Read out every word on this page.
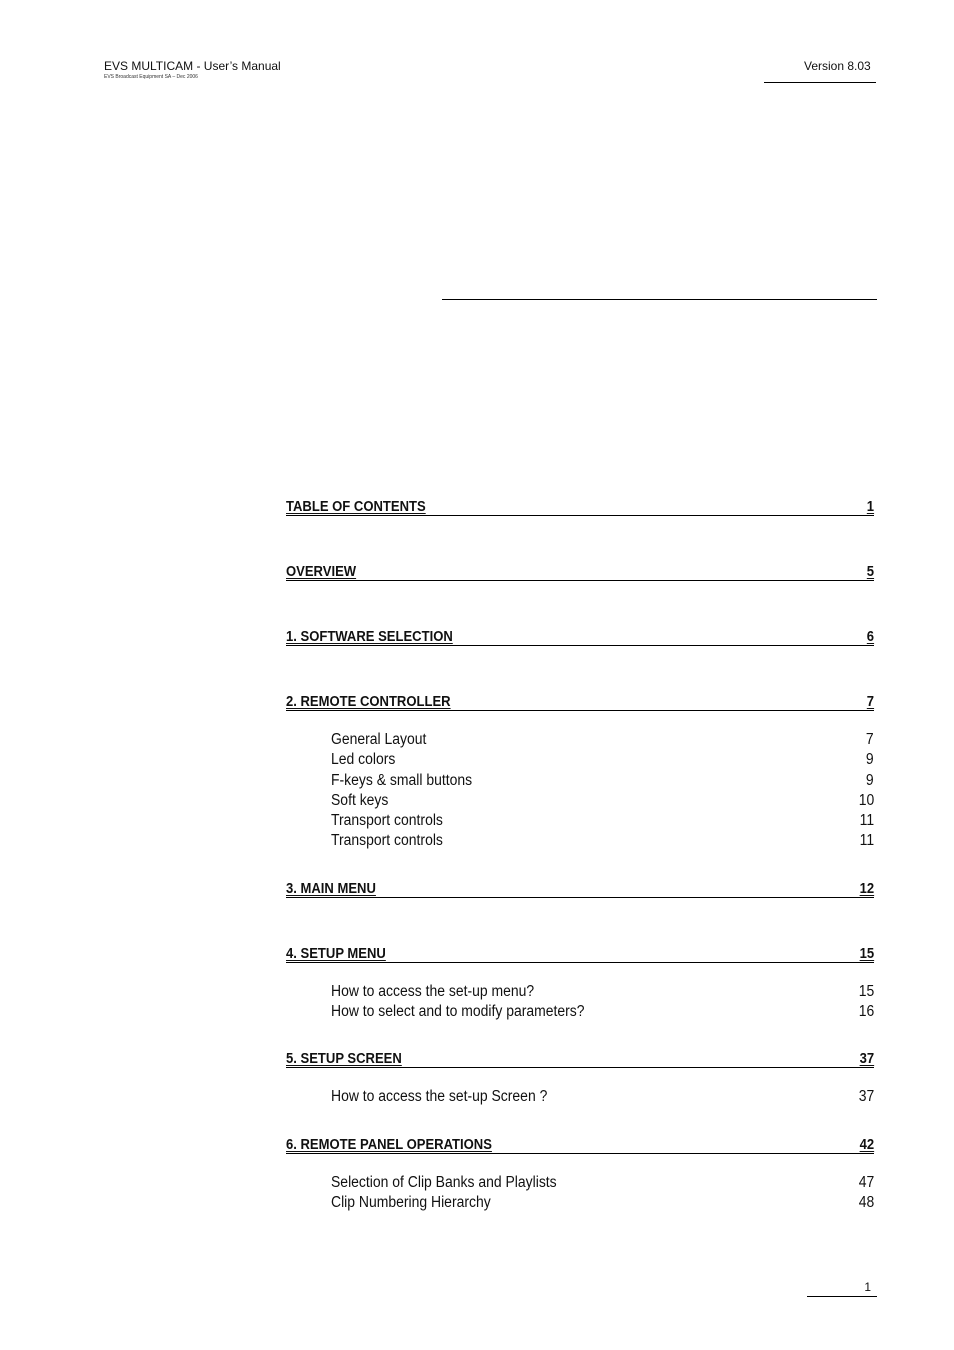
EVS MULTICAM - User’s Manual
EVS Broadcast Equipment SA – Dec 2006
Version 8.03
TABLE OF CONTENTS	1
OVERVIEW	5
1. SOFTWARE SELECTION	6
2. REMOTE CONTROLLER	7
General Layout	7
Led colors	9
F-keys & small buttons	9
Soft keys	10
Transport controls	11
Transport controls	11
3. MAIN MENU	12
4. SETUP MENU	15
How to access the set-up menu?	15
How to select and to modify parameters?	16
5. SETUP SCREEN	37
How to access the set-up Screen ?	37
6. REMOTE PANEL OPERATIONS	42
Selection of Clip Banks and Playlists	47
Clip Numbering Hierarchy	48
1
